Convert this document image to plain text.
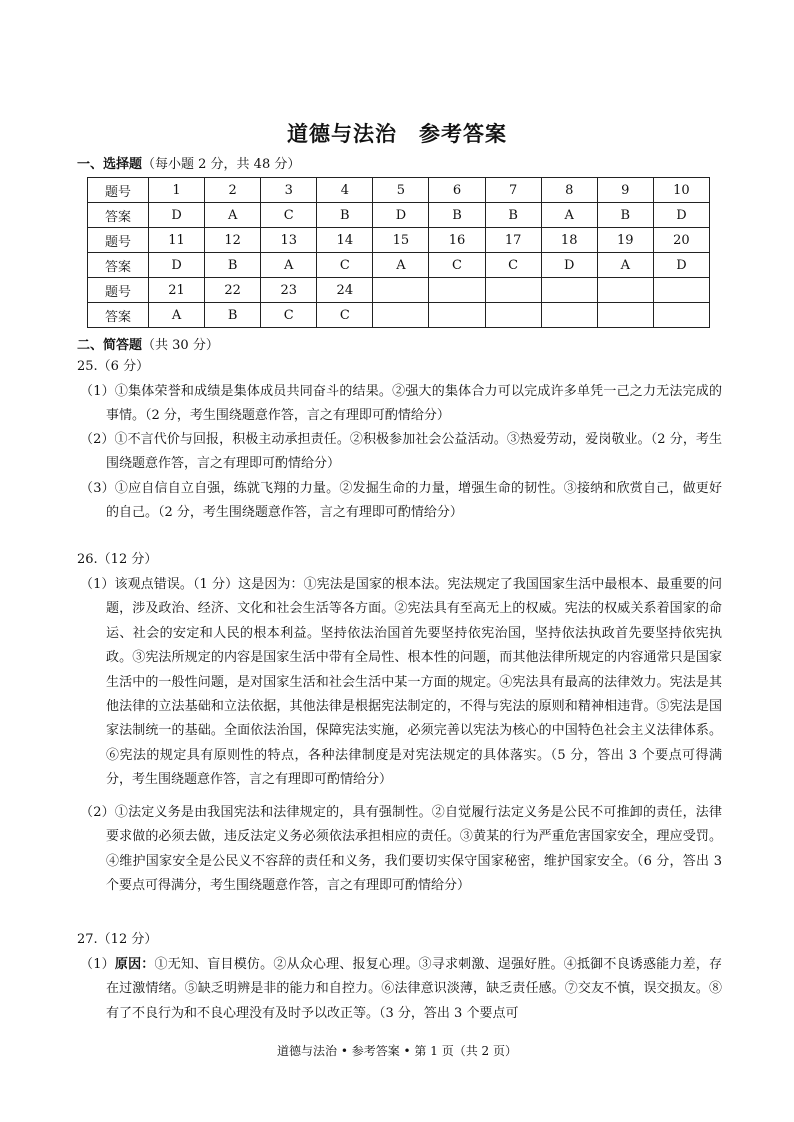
道德与法治 参考答案
一、选择题（每小题 2 分，共 48 分）
题号	1	2	3	4	5	6	7	8	9	10
答案	D	A	C	B	D	B	B	A	B	D
题号	11	12	13	14	15	16	17	18	19	20
答案	D	B	A	C	A	C	C	D	A	D
题号	21	22	23	24						
答案	A	B	C	C						
二、简答题（共 30 分）
25.（6 分）
（1）①集体荣誉和成绩是集体成员共同奋斗的结果。②强大的集体合力可以完成许多单凭一己之力无法完成的事情。（2 分，考生围绕题意作答，言之有理即可酌情给分）
（2）①不言代价与回报，积极主动承担责任。②积极参加社会公益活动。③热爱劳动，爱岗敬业。（2 分，考生围绕题意作答，言之有理即可酌情给分）
（3）①应自信自立自强，练就飞翔的力量。②发掘生命的力量，增强生命的韧性。③接纳和欣赏自己，做更好的自己。（2 分，考生围绕题意作答，言之有理即可酌情给分）
26.（12 分）
（1）该观点错误。（1 分）这是因为：①宪法是国家的根本法。宪法规定了我国国家生活中最根本、最重要的问题，涉及政治、经济、文化和社会生活等各方面。②宪法具有至高无上的权威。宪法的权威关系着国家的命运、社会的安定和人民的根本利益。坚持依法治国首先要坚持依宪治国，坚持依法执政首先要坚持依宪执政。③宪法所规定的内容是国家生活中带有全局性、根本性的问题，而其他法律所规定的内容通常只是国家生活中的一般性问题，是对国家生活和社会生活中某一方面的规定。④宪法具有最高的法律效力。宪法是其他法律的立法基础和立法依据，其他法律是根据宪法制定的，不得与宪法的原则和精神相违背。⑤宪法是国家法制统一的基础。全面依法治国，保障宪法实施，必须完善以宪法为核心的中国特色社会主义法律体系。⑥宪法的规定具有原则性的特点，各种法律制度是对宪法规定的具体落实。（5 分，答出 3 个要点可得满分，考生围绕题意作答，言之有理即可酌情给分）
（2）①法定义务是由我国宪法和法律规定的，具有强制性。②自觉履行法定义务是公民不可推卸的责任，法律要求做的必须去做，违反法定义务必须依法承担相应的责任。③黄某的行为严重危害国家安全，理应受罚。④维护国家安全是公民义不容辞的责任和义务，我们要切实保守国家秘密，维护国家安全。（6 分，答出 3 个要点可得满分，考生围绕题意作答，言之有理即可酌情给分）
27.（12 分）
（1）原因：①无知、盲目模仿。②从众心理、报复心理。③寻求刺激、逞强好胜。④抵御不良诱惑能力差，存在过激情绪。⑤缺乏明辨是非的能力和自控力。⑥法律意识淡薄，缺乏责任感。⑦交友不慎，误交损友。⑧有了不良行为和不良心理没有及时予以改正等。（3 分，答出 3 个要点可
道德与法治 • 参考答案 • 第 1 页（共 2 页）
